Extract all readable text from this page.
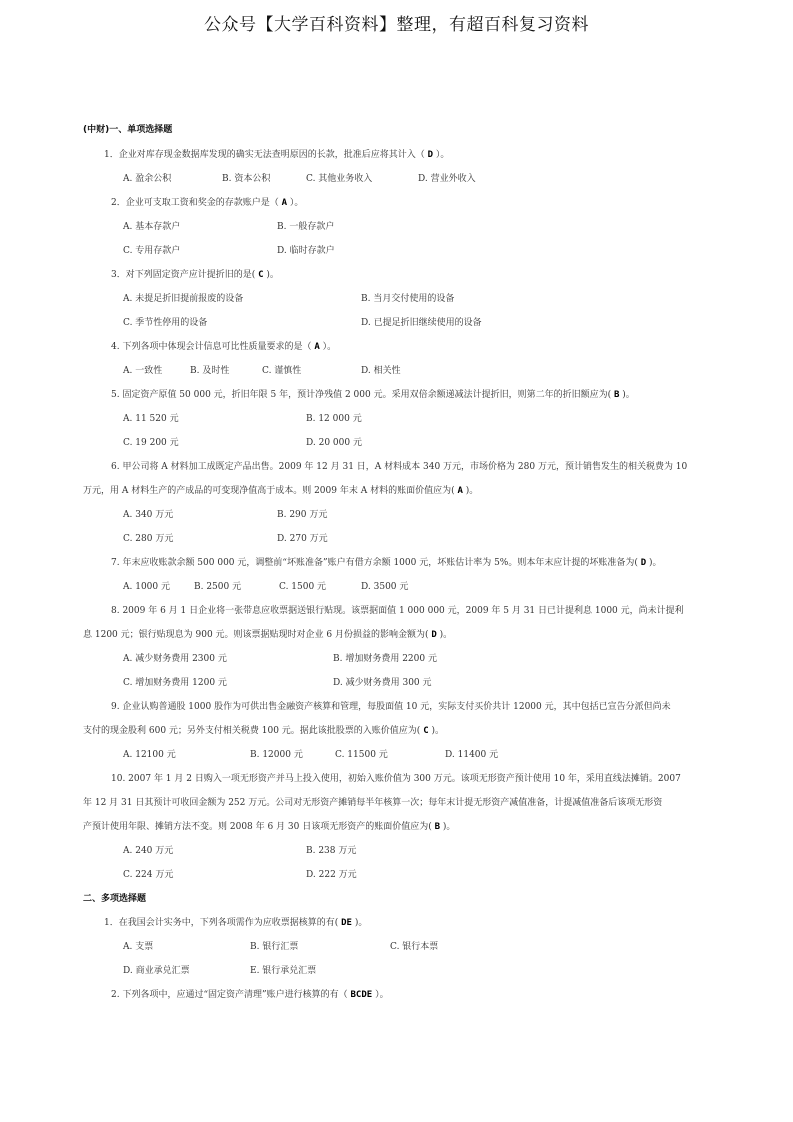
公众号【大学百科资料】整理，有超百科复习资料
(中财)一、单项选择题
1．企业对库存现金数据库发现的确实无法查明原因的长款，批准后应将其计入（ D ）。
A. 盈余公积	B. 资本公积	C. 其他业务收入	D. 营业外收入
2．企业可支取工资和奖金的存款账户是（ A ）。
A. 基本存款户	B. 一般存款户
C. 专用存款户	D. 临时存款户
3．对下列固定资产应计提折旧的是( C )。
A. 未提足折旧提前报废的设备	B. 当月交付使用的设备
C. 季节性停用的设备	D. 已提足折旧继续使用的设备
4. 下列各项中体现会计信息可比性质量要求的是（ A ）。
A. 一致性	B. 及时性	C. 谨慎性	D. 相关性
5. 固定资产原值 50 000 元，折旧年限 5 年，预计净残值 2 000 元。采用双倍余额递减法计提折旧，则第二年的折旧额应为( B )。
A. 11 520 元	B. 12 000 元
C. 19 200 元	D. 20 000 元
6. 甲公司将 A 材料加工成既定产品出售。2009 年 12 月 31 日，A 材料成本 340 万元，市场价格为 280 万元，预计销售发生的相关税费为 10
万元，用 A 材料生产的产成品的可变现净值高于成本。则 2009 年末 A 材料的账面价值应为( A )。
A. 340 万元	B. 290 万元
C. 280 万元	D. 270 万元
7. 年末应收账款余额 500 000 元，调整前“坏账准备”账户有借方余额 1000 元，坏账估计率为 5%。则本年末应计提的坏账准备为( D )。
A. 1000 元	B. 2500 元	C. 1500 元	D. 3500 元
8. 2009 年 6 月 1 日企业将一张带息应收票据送银行贴现。该票据面值 1 000 000 元，2009 年 5 月 31 日已计提利息 1000 元，尚未计提利
息 1200 元；银行贴现息为 900 元。则该票据贴现时对企业 6 月份损益的影响金额为( D )。
A. 减少财务费用 2300 元	B. 增加财务费用 2200 元
C. 增加财务费用 1200 元	D. 减少财务费用 300 元
9. 企业认购普通股 1000 股作为可供出售金融资产核算和管理，每股面值 10 元，实际支付买价共计 12000 元，其中包括已宣告分派但尚未
支付的现金股利 600 元；另外支付相关税费 100 元。据此该批股票的入账价值应为( C )。
A. 12100 元	B. 12000 元	C. 11500 元	D. 11400 元
10. 2007 年 1 月 2 日购入一项无形资产并马上投入使用，初始入账价值为 300 万元。该项无形资产预计使用 10 年，采用直线法摊销。2007
年 12 月 31 日其预计可收回金额为 252 万元。公司对无形资产摊销每半年核算一次；每年末计提无形资产减值准备，计提减值准备后该项无形资
产预计使用年限、摊销方法不变。则 2008 年 6 月 30 日该项无形资产的账面价值应为( B )。
A. 240 万元	B. 238 万元
C. 224 万元	D. 222 万元
二、多项选择题
1．在我国会计实务中，下列各项需作为应收票据核算的有( DE )。
A. 支票	B. 银行汇票	C. 银行本票
D. 商业承兑汇票	E. 银行承兑汇票
2. 下列各项中，应通过“固定资产清理”账户进行核算的有（ BCDE ）。
